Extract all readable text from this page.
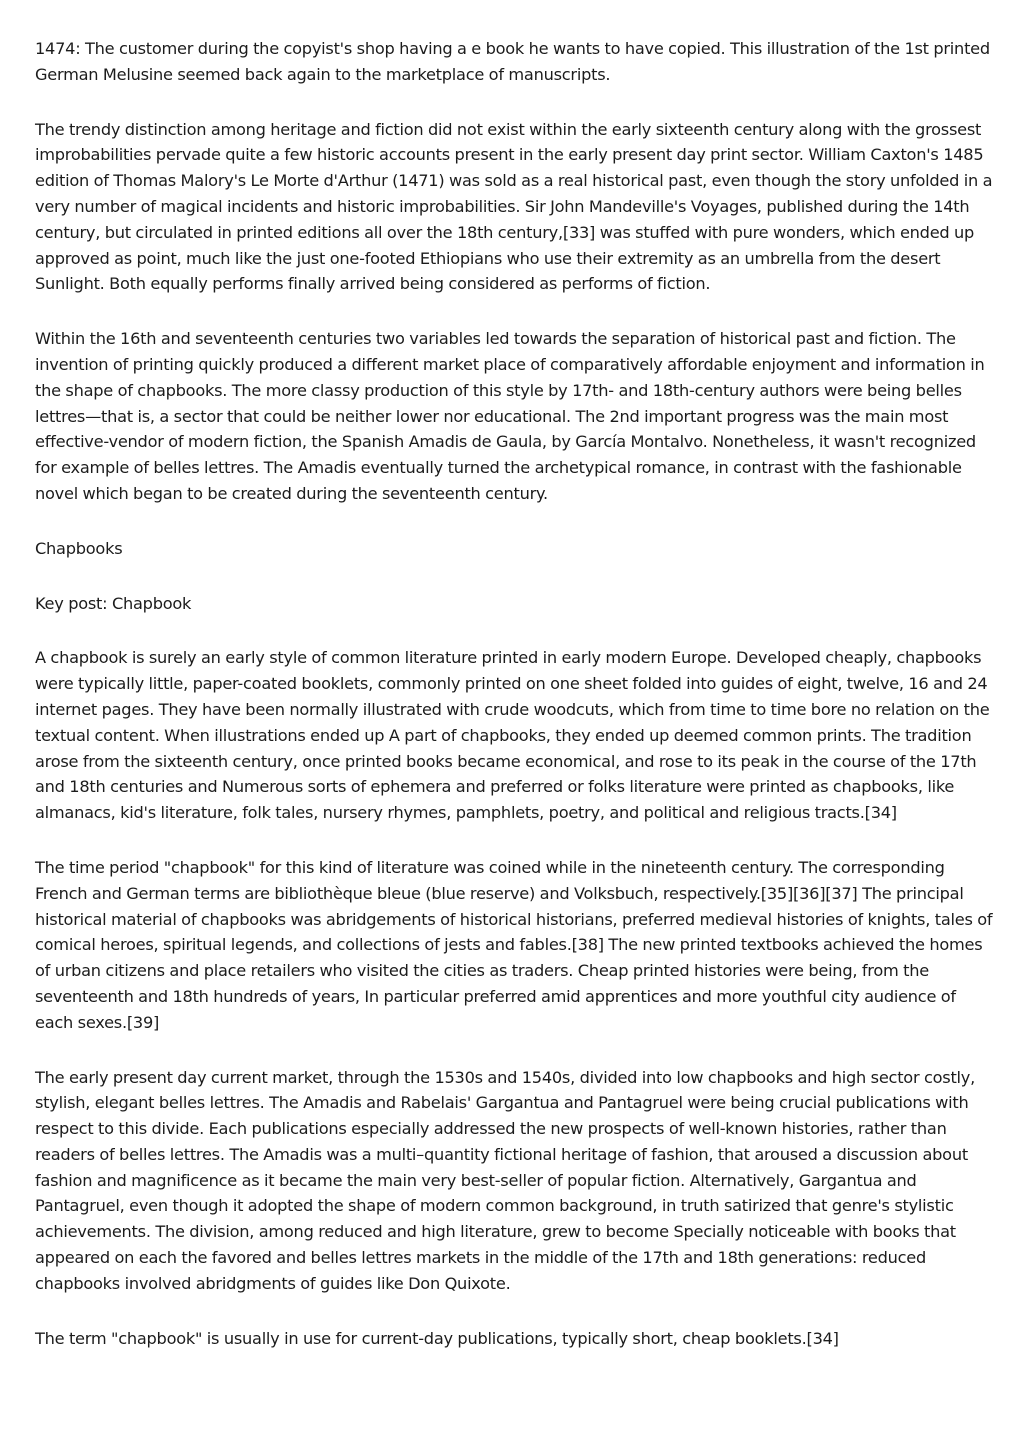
1474: The customer during the copyist's shop having a e book he wants to have copied. This illustration of the 1st printed German Melusine seemed back again to the marketplace of manuscripts.

The trendy distinction among heritage and fiction did not exist within the early sixteenth century along with the grossest improbabilities pervade quite a few historic accounts present in the early present day print sector. William Caxton's 1485 edition of Thomas Malory's Le Morte d'Arthur (1471) was sold as a real historical past, even though the story unfolded in a very number of magical incidents and historic improbabilities. Sir John Mandeville's Voyages, published during the 14th century, but circulated in printed editions all over the 18th century,[33] was stuffed with pure wonders, which ended up approved as point, much like the just one-footed Ethiopians who use their extremity as an umbrella from the desert Sunlight. Both equally performs finally arrived being considered as performs of fiction.

Within the 16th and seventeenth centuries two variables led towards the separation of historical past and fiction. The invention of printing quickly produced a different market place of comparatively affordable enjoyment and information in the shape of chapbooks. The more classy production of this style by 17th- and 18th-century authors were being belles lettres—that is, a sector that could be neither lower nor educational. The 2nd important progress was the main most effective-vendor of modern fiction, the Spanish Amadis de Gaula, by García Montalvo. Nonetheless, it wasn't recognized for example of belles lettres. The Amadis eventually turned the archetypical romance, in contrast with the fashionable novel which began to be created during the seventeenth century.

Chapbooks

Key post: Chapbook

A chapbook is surely an early style of common literature printed in early modern Europe. Developed cheaply, chapbooks were typically little, paper-coated booklets, commonly printed on one sheet folded into guides of eight, twelve, 16 and 24 internet pages. They have been normally illustrated with crude woodcuts, which from time to time bore no relation on the textual content. When illustrations ended up A part of chapbooks, they ended up deemed common prints. The tradition arose from the sixteenth century, once printed books became economical, and rose to its peak in the course of the 17th and 18th centuries and Numerous sorts of ephemera and preferred or folks literature were printed as chapbooks, like almanacs, kid's literature, folk tales, nursery rhymes, pamphlets, poetry, and political and religious tracts.[34]

The time period "chapbook" for this kind of literature was coined while in the nineteenth century. The corresponding French and German terms are bibliothèque bleue (blue reserve) and Volksbuch, respectively.[35][36][37] The principal historical material of chapbooks was abridgements of historical historians, preferred medieval histories of knights, tales of comical heroes, spiritual legends, and collections of jests and fables.[38] The new printed textbooks achieved the homes of urban citizens and place retailers who visited the cities as traders. Cheap printed histories were being, from the seventeenth and 18th hundreds of years, In particular preferred amid apprentices and more youthful city audience of each sexes.[39]

The early present day current market, through the 1530s and 1540s, divided into low chapbooks and high sector costly, stylish, elegant belles lettres. The Amadis and Rabelais' Gargantua and Pantagruel were being crucial publications with respect to this divide. Each publications especially addressed the new prospects of well-known histories, rather than readers of belles lettres. The Amadis was a multi–quantity fictional heritage of fashion, that aroused a discussion about fashion and magnificence as it became the main very best-seller of popular fiction. Alternatively, Gargantua and Pantagruel, even though it adopted the shape of modern common background, in truth satirized that genre's stylistic achievements. The division, among reduced and high literature, grew to become Specially noticeable with books that appeared on each the favored and belles lettres markets in the middle of the 17th and 18th generations: reduced chapbooks involved abridgments of guides like Don Quixote.

The term "chapbook" is usually in use for current-day publications, typically short, cheap booklets.[34]
